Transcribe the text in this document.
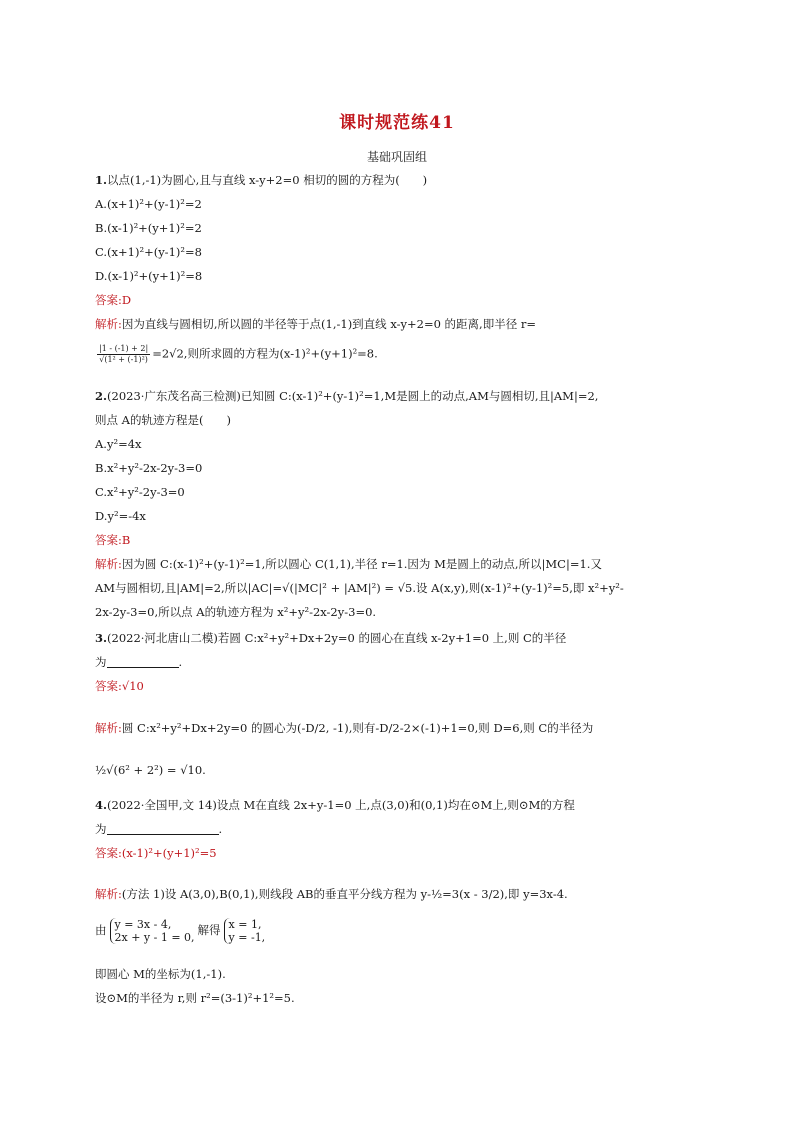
课时规范练41
基础巩固组
1.以点(1,-1)为圆心,且与直线 x-y+2=0 相切的圆的方程为(　　)
A.(x+1)²+(y-1)²=2
B.(x-1)²+(y+1)²=2
C.(x+1)²+(y-1)²=8
D.(x-1)²+(y+1)²=8
答案:D
解析:因为直线与圆相切,所以圆的半径等于点(1,-1)到直线 x-y+2=0 的距离,即半径 r=
$\frac{|1 - (-1) + 2|}{\text{√(1² + (-1)²)}} =2√2$,则所求圆的方程为(x-1)²+(y+1)²=8.
2.(2023·广东茂名高三检测)已知圆 C:(x-1)²+(y-1)²=1,M是圆上的动点,AM与圆相切,且|AM|=2,
则点 A的轨迹方程是(　　)
A.y²=4x
B.x²+y²-2x-2y-3=0
C.x²+y²-2y-3=0
D.y²=-4x
答案:B
解析:因为圆 C:(x-1)²+(y-1)²=1,所以圆心 C(1,1),半径 r=1.因为 M是圆上的动点,所以|MC|=1.又
AM与圆相切,且|AM|=2,所以|AC|=√(|MC|² + |AM|²) = √5.设 A(x,y),则(x-1)²+(y-1)²=5,即 x²+y²-
2x-2y-3=0,所以点 A的轨迹方程为 x²+y²-2x-2y-3=0.
3.(2022·河北唐山二模)若圆 C:x²+y²+Dx+2y=0 的圆心在直线 x-2y+1=0 上,则 C的半径
为	.
答案:√10
解析:圆 C:x²+y²+Dx+2y=0 的圆心为(-D/2, -1),则有-D/2-2×(-1)+1=0,则 D=6,则 C的半径为
½√(6² + 2²) = √10.
4.(2022·全国甲,文 14)设点 M在直线 2x+y-1=0 上,点(3,0)和(0,1)均在⊙M上,则⊙M的方程
为	.
答案:(x-1)²+(y+1)²=5
解析:(方法 1)设 A(3,0),B(0,1),则线段 AB的垂直平分线方程为 y-½=3(x - 3/2),即 y=3x-4.
由 y = 3x - 4,
2x + y - 1 = 0,
解得 x = 1,
y = -1,
即圆心 M的坐标为(1,-1).
设⊙M的半径为 r,则 r²=(3-1)²+1²=5.
